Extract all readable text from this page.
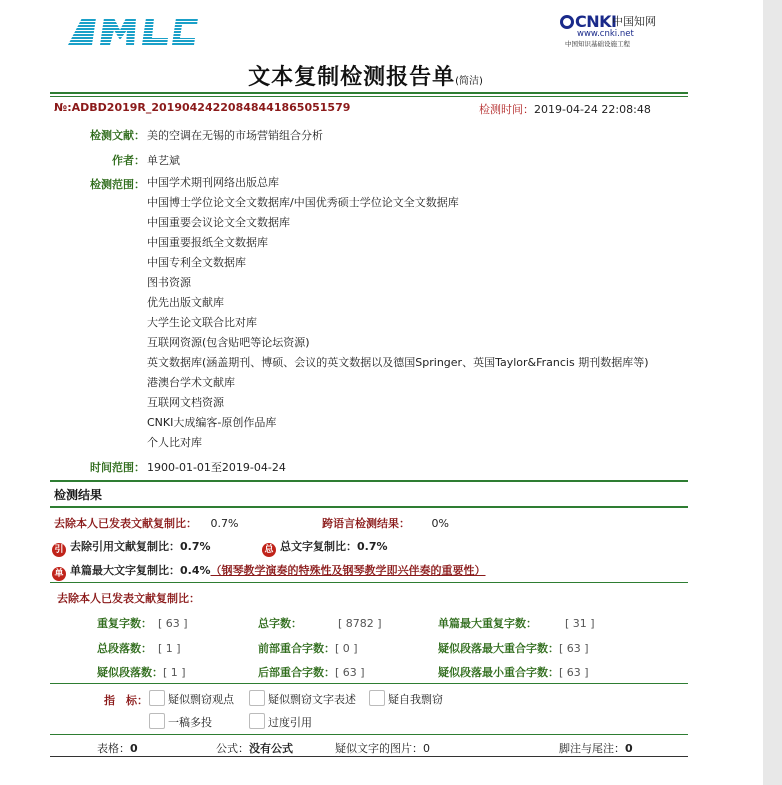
CNKI
中国知网
www.cnki.net
中国知识基础设施工程
文本复制检测报告单(简洁)
№:ADBD2019R_20190424220848441865051579	检测时间：2019-04-24 22:08:48
检测文献： 美的空调在无锡的市场营销组合分析
作者： 单艺斌
检测范围： 中国学术期刊网络出版总库
中国博士学位论文全文数据库/中国优秀硕士学位论文全文数据库
中国重要会议论文全文数据库
中国重要报纸全文数据库
中国专利全文数据库
图书资源
优先出版文献库
大学生论文联合比对库
互联网资源(包含贴吧等论坛资源)
英文数据库(涵盖期刊、博硕、会议的英文数据以及德国Springer、英国Taylor&Francis 期刊数据库等)
港澳台学术文献库
互联网文档资源
CNKI大成编客-原创作品库
个人比对库
时间范围： 1900-01-01至2019-04-24
检测结果
去除本人已发表文献复制比： 0.7%	跨语言检测结果： 0%
引 去除引用文献复制比：0.7%	总 总文字复制比：0.7%
单 单篇最大文字复制比：0.4%（钢琴教学演奏的特殊性及钢琴教学即兴伴奏的重要性）
去除本人已发表文献复制比：
重复字数： [ 63 ]	总字数：	[ 8782 ]	单篇最大重复字数：	[ 31 ]
总段落数： [ 1 ]	前部重合字数：[ 0 ]	疑似段落最大重合字数：[ 63 ]
疑似段落数：[ 1 ]	后部重合字数：[ 63 ]	疑似段落最小重合字数：[ 63 ]
指　标：	疑似剽窃观点	疑似剽窃文字表述	疑自我剽窃
一稿多投	过度引用
表格：0	公式：没有公式	疑似文字的图片：0	脚注与尾注：0
